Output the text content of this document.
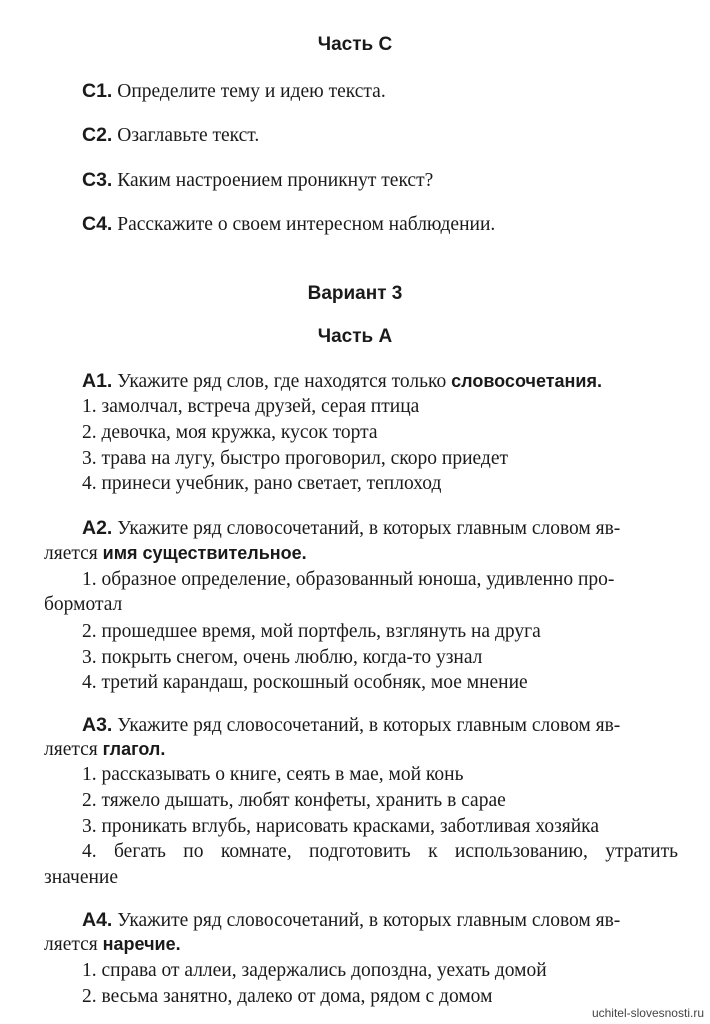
Часть С
С1. Определите тему и идею текста.
С2. Озаглавьте текст.
С3. Каким настроением проникнут текст?
С4. Расскажите о своем интересном наблюдении.
Вариант 3
Часть А
А1. Укажите ряд слов, где находятся только словосочетания.
1. замолчал, встреча друзей, серая птица
2. девочка, моя кружка, кусок торта
3. трава на лугу, быстро проговорил, скоро приедет
4. принеси учебник, рано светает, теплоход
А2. Укажите ряд словосочетаний, в которых главным словом яв-
ляется имя существительное.
1. образное определение, образованный юноша, удивленно про-
бормотал
2. прошедшее время, мой портфель, взглянуть на друга
3. покрыть снегом, очень люблю, когда-то узнал
4. третий карандаш, роскошный особняк, мое мнение
А3. Укажите ряд словосочетаний, в которых главным словом яв-
ляется глагол.
1. рассказывать о книге, сеять в мае, мой конь
2. тяжело дышать, любят конфеты, хранить в сарае
3. проникать вглубь, нарисовать красками, заботливая хозяйка
4. бегать по комнате, подготовить к использованию, утратить
значение
А4. Укажите ряд словосочетаний, в которых главным словом яв-
ляется наречие.
1. справа от аллеи, задержались допоздна, уехать домой
2. весьма занятно, далеко от дома, рядом с домом
uchitel-slovesnosti.ru
